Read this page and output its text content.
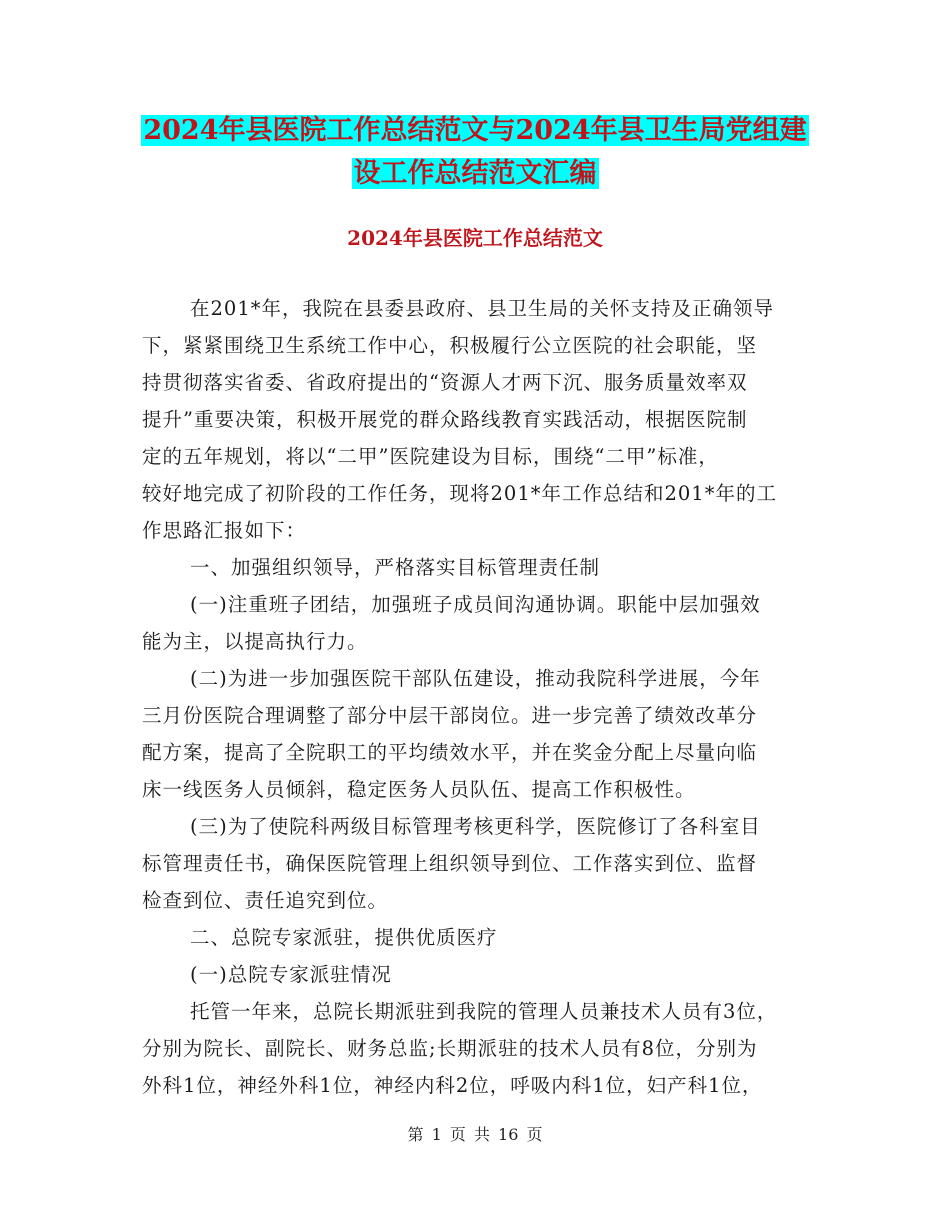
2024年县医院工作总结范文与2024年县卫生局党组建
设工作总结范文汇编
2024年县医院工作总结范文
在201*年，我院在县委县政府、县卫生局的关怀支持及正确领导
下，紧紧围绕卫生系统工作中心，积极履行公立医院的社会职能，坚
持贯彻落实省委、省政府提出的“资源人才两下沉、服务质量效率双
提升”重要决策，积极开展党的群众路线教育实践活动，根据医院制
定的五年规划，将以“二甲”医院建设为目标，围绕“二甲”标准，
较好地完成了初阶段的工作任务，现将201*年工作总结和201*年的工
作思路汇报如下：
一、加强组织领导，严格落实目标管理责任制
(一)注重班子团结，加强班子成员间沟通协调。职能中层加强效
能为主，以提高执行力。
(二)为进一步加强医院干部队伍建设，推动我院科学进展，今年
三月份医院合理调整了部分中层干部岗位。进一步完善了绩效改革分
配方案，提高了全院职工的平均绩效水平，并在奖金分配上尽量向临
床一线医务人员倾斜，稳定医务人员队伍、提高工作积极性。
(三)为了使院科两级目标管理考核更科学，医院修订了各科室目
标管理责任书，确保医院管理上组织领导到位、工作落实到位、监督
检查到位、责任追究到位。
二、总院专家派驻，提供优质医疗
(一)总院专家派驻情况
托管一年来，总院长期派驻到我院的管理人员兼技术人员有3位，
分别为院长、副院长、财务总监;长期派驻的技术人员有8位，分别为
外科1位，神经外科1位，神经内科2位，呼吸内科1位，妇产科1位，
第 1 页 共 16 页
